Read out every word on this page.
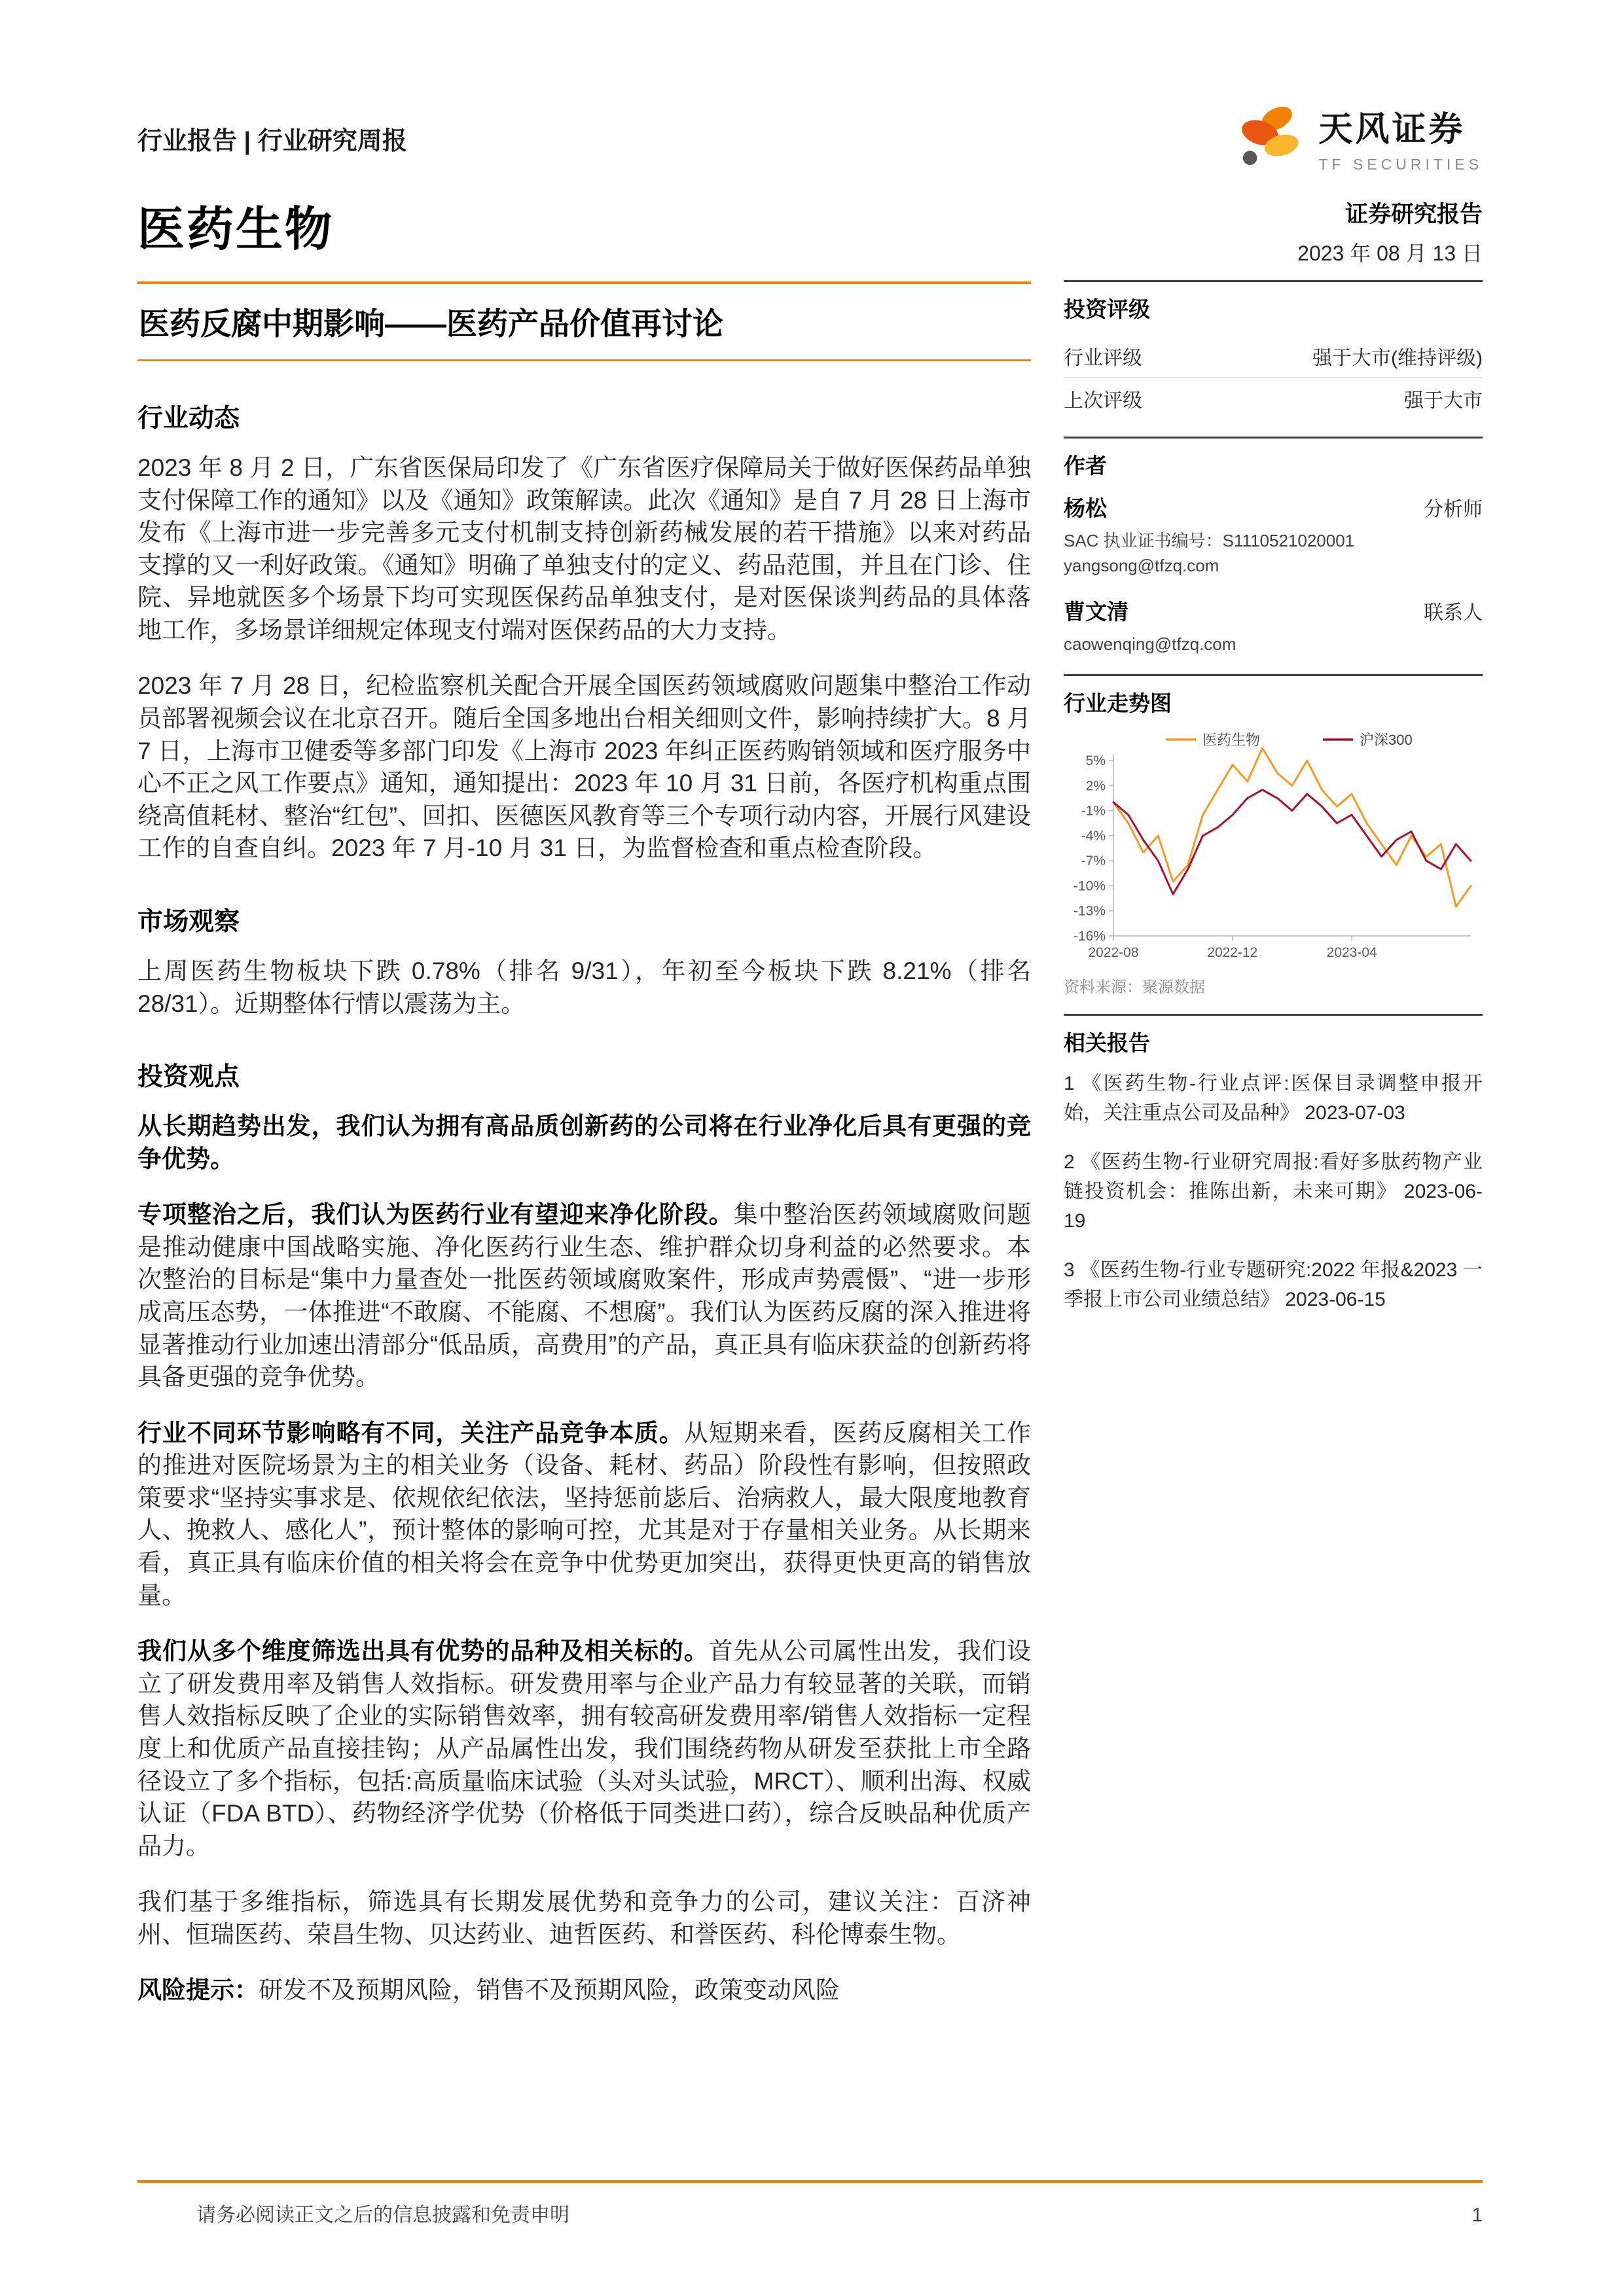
行业报告 | 行业研究周报	天风证券
TF SECURITIES
医药生物
医药反腐中期影响——医药产品价值再讨论
行业动态

2023 年 8 月 2 日，广东省医保局印发了《广东省医疗保障局关于做好医保药品单独支付保障工作的通知》以及《通知》政策解读。此次《通知》是自 7 月 28 日上海市发布《上海市进一步完善多元支付机制支持创新药械发展的若干措施》以来对药品支撑的又一利好政策。《通知》明确了单独支付的定义、药品范围，并且在门诊、住院、异地就医多个场景下均可实现医保药品单独支付，是对医保谈判药品的具体落地工作，多场景详细规定体现支付端对医保药品的大力支持。

2023 年 7 月 28 日，纪检监察机关配合开展全国医药领域腐败问题集中整治工作动员部署视频会议在北京召开。随后全国多地出台相关细则文件，影响持续扩大。8 月 7 日，上海市卫健委等多部门印发《上海市 2023 年纠正医药购销领域和医疗服务中心不正之风工作要点》通知，通知提出：2023 年 10 月 31 日前，各医疗机构重点围绕高值耗材、整治“红包”、回扣、医德医风教育等三个专项行动内容，开展行风建设工作的自查自纠。2023 年 7 月-10 月 31 日，为监督检查和重点检查阶段。

市场观察

上周医药生物板块下跌 0.78%（排名 9/31），年初至今板块下跌 8.21%（排名 28/31）。近期整体行情以震荡为主。

投资观点

从长期趋势出发，我们认为拥有高品质创新药的公司将在行业净化后具有更强的竞争优势。

专项整治之后，我们认为医药行业有望迎来净化阶段。集中整治医药领域腐败问题是推动健康中国战略实施、净化医药行业生态、维护群众切身利益的必然要求。本次整治的目标是“集中力量查处一批医药领域腐败案件，形成声势震慑”、“进一步形成高压态势，一体推进“不敢腐、不能腐、不想腐”。我们认为医药反腐的深入推进将显著推动行业加速出清部分“低品质，高费用”的产品，真正具有临床获益的创新药将具备更强的竞争优势。

行业不同环节影响略有不同，关注产品竞争本质。从短期来看，医药反腐相关工作的推进对医院场景为主的相关业务（设备、耗材、药品）阶段性有影响，但按照政策要求“坚持实事求是、依规依纪依法，坚持惩前毖后、治病救人，最大限度地教育人、挽救人、感化人”，预计整体的影响可控，尤其是对于存量相关业务。从长期来看，真正具有临床价值的相关将会在竞争中优势更加突出，获得更快更高的销售放量。

我们从多个维度筛选出具有优势的品种及相关标的。首先从公司属性出发，我们设立了研发费用率及销售人效指标。研发费用率与企业产品力有较显著的关联，而销售人效指标反映了企业的实际销售效率，拥有较高研发费用率/销售人效指标一定程度上和优质产品直接挂钩；从产品属性出发，我们围绕药物从研发至获批上市全路径设立了多个指标，包括:高质量临床试验（头对头试验，MRCT）、顺利出海、权威认证（FDA BTD）、药物经济学优势（价格低于同类进口药），综合反映品种优质产品力。

我们基于多维指标，筛选具有长期发展优势和竞争力的公司，建议关注：百济神州、恒瑞医药、荣昌生物、贝达药业、迪哲医药、和誉医药、科伦博泰生物。

风险提示：研发不及预期风险，销售不及预期风险，政策变动风险

证券研究报告
2023 年 08 月 13 日
投资评级
行业评级	强于大市(维持评级)
上次评级	强于大市
作者
杨松	分析师
SAC 执业证书编号：S1110521020001
yangsong@tfzq.com
曹文清	联系人
caowenqing@tfzq.com
行业走势图
5%
2%
-1%
-4%
-7%
-10%
-13%
-16%
2022-08	2022-12	2023-04
医药生物	沪深300
资料来源：聚源数据
相关报告
1 《医药生物-行业点评:医保目录调整申报开始，关注重点公司及品种》 2023-07-03
2 《医药生物-行业研究周报:看好多肽药物产业链投资机会：推陈出新，未来可期》 2023-06-19
3 《医药生物-行业专题研究:2022 年报&2023 一季报上市公司业绩总结》 2023-06-15
请务必阅读正文之后的信息披露和免责申明	1
